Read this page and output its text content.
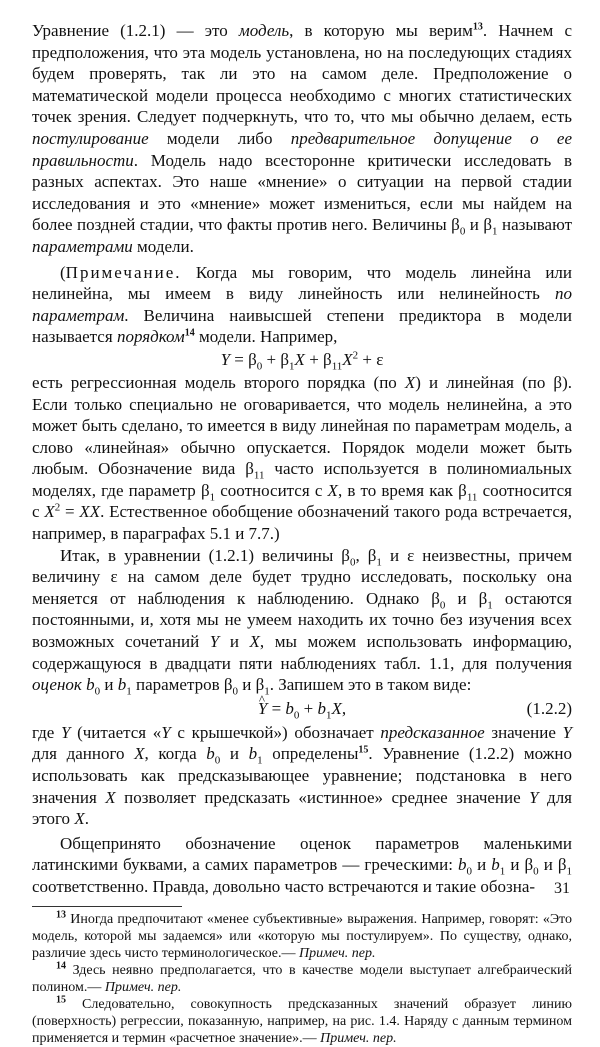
Уравнение (1.2.1) — это модель, в которую мы верим$^{13}$. Начнем с предположения, что эта модель установлена, но на последующих стадиях будем проверять, так ли это на самом деле. Предположение о математической модели процесса необходимо с многих статистических точек зрения. Следует подчеркнуть, что то, что мы обычно делаем, есть постулирование модели либо предварительное допущение о ее правильности. Модель надо всесторонне критически исследовать в разных аспектах. Это наше «мнение» о ситуации на первой стадии исследования и это «мнение» может измениться, если мы найдем на более поздней стадии, что факты против него. Величины $\beta_0$ и $\beta_1$ называют параметрами модели.

(Примечание. Когда мы говорим, что модель линейна или нелинейна, мы имеем в виду линейность или нелинейность по параметрам. Величина наивысшей степени предиктора в модели называется порядком$^{14}$ модели. Например,

$Y = \beta_0 + \beta_1X + \beta_{11}X^2 + \varepsilon$

есть регрессионная модель второго порядка (по X) и линейная (по β). Если только специально не оговаривается, что модель нелинейна, а это может быть сделано, то имеется в виду линейная по параметрам модель, а слово «линейная» обычно опускается. Порядок модели может быть любым. Обозначение вида $\beta_{11}$ часто используется в полиномиальных моделях, где параметр $\beta_1$ соотносится с X, в то время как $\beta_{11}$ соотносится с $X^2$ = XX. Естественное обобщение обозначений такого рода встречается, например, в параграфах 5.1 и 7.7.)

Итак, в уравнении (1.2.1) величины $\beta_0$, $\beta_1$ и ε неизвестны, причем величину ε на самом деле будет трудно исследовать, поскольку она меняется от наблюдения к наблюдению. Однако $\beta_0$ и $\beta_1$ остаются постоянными, и, хотя мы не умеем находить их точно без изучения всех возможных сочетаний Y и X, мы можем использовать информацию, содержащуюся в двадцати пяти наблюдениях табл. 1.1, для получения оценок $b_0$ и $b_1$ параметров $\beta_0$ и $\beta_1$. Запишем это в таком виде:

^ $Y = b_0 + b_1X$,	(1.2.2)

где Y (читается «Y с крышечкой») обозначает предсказанное значение Y для данного X, когда $b_0$ и $b_1$ определены$^{15}$. Уравнение (1.2.2) можно использовать как предсказывающее уравнение; подстановка в него значения X позволяет предсказать «истинное» среднее значение Y для этого X.

Общепринято обозначение оценок параметров маленькими латинскими буквами, а самих параметров — греческими: $b_0$ и $b_1$ и $\beta_0$ и $\beta_1$ соответственно. Правда, довольно часто встречаются и такие обозна-

$^{13}$ Иногда предпочитают «менее субъективные» выражения. Например, говорят: «Это модель, которой мы задаемся» или «которую мы постулируем». По существу, однако, различие здесь чисто терминологическое.— Примеч. пер.

$^{14}$ Здесь неявно предполагается, что в качестве модели выступает алгебраический полином.— Примеч. пер.

$^{15}$ Следовательно, совокупность предсказанных значений образует линию (поверхность) регрессии, показанную, например, на рис. 1.4. Наряду с данным термином применяется и термин «расчетное значение».— Примеч. пер.

31
